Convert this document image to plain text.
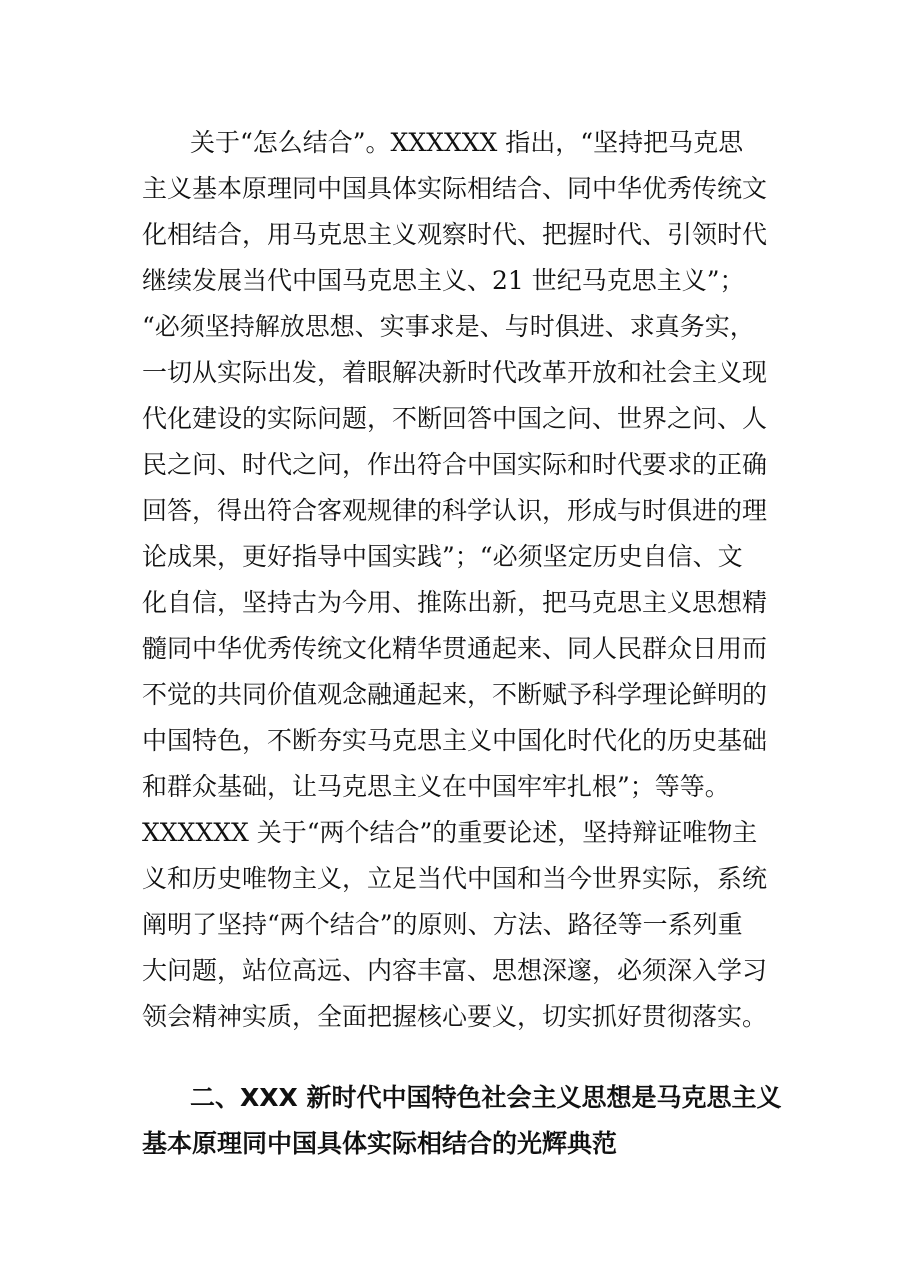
关于“怎么结合”。XXXXXX 指出，“坚持把马克思
主义基本原理同中国具体实际相结合、同中华优秀传统文
化相结合，用马克思主义观察时代、把握时代、引领时代
继续发展当代中国马克思主义、21 世纪马克思主义”；
“必须坚持解放思想、实事求是、与时俱进、求真务实，
一切从实际出发，着眼解决新时代改革开放和社会主义现
代化建设的实际问题，不断回答中国之问、世界之问、人
民之问、时代之问，作出符合中国实际和时代要求的正确
回答，得出符合客观规律的科学认识，形成与时俱进的理
论成果，更好指导中国实践”；“必须坚定历史自信、文
化自信，坚持古为今用、推陈出新，把马克思主义思想精
髓同中华优秀传统文化精华贯通起来、同人民群众日用而
不觉的共同价值观念融通起来，不断赋予科学理论鲜明的
中国特色，不断夯实马克思主义中国化时代化的历史基础
和群众基础，让马克思主义在中国牢牢扎根”；等等。
XXXXXX 关于“两个结合”的重要论述，坚持辩证唯物主
义和历史唯物主义，立足当代中国和当今世界实际，系统
阐明了坚持“两个结合”的原则、方法、路径等一系列重
大问题，站位高远、内容丰富、思想深邃，必须深入学习
领会精神实质，全面把握核心要义，切实抓好贯彻落实。
二、XXX 新时代中国特色社会主义思想是马克思主义
基本原理同中国具体实际相结合的光辉典范
